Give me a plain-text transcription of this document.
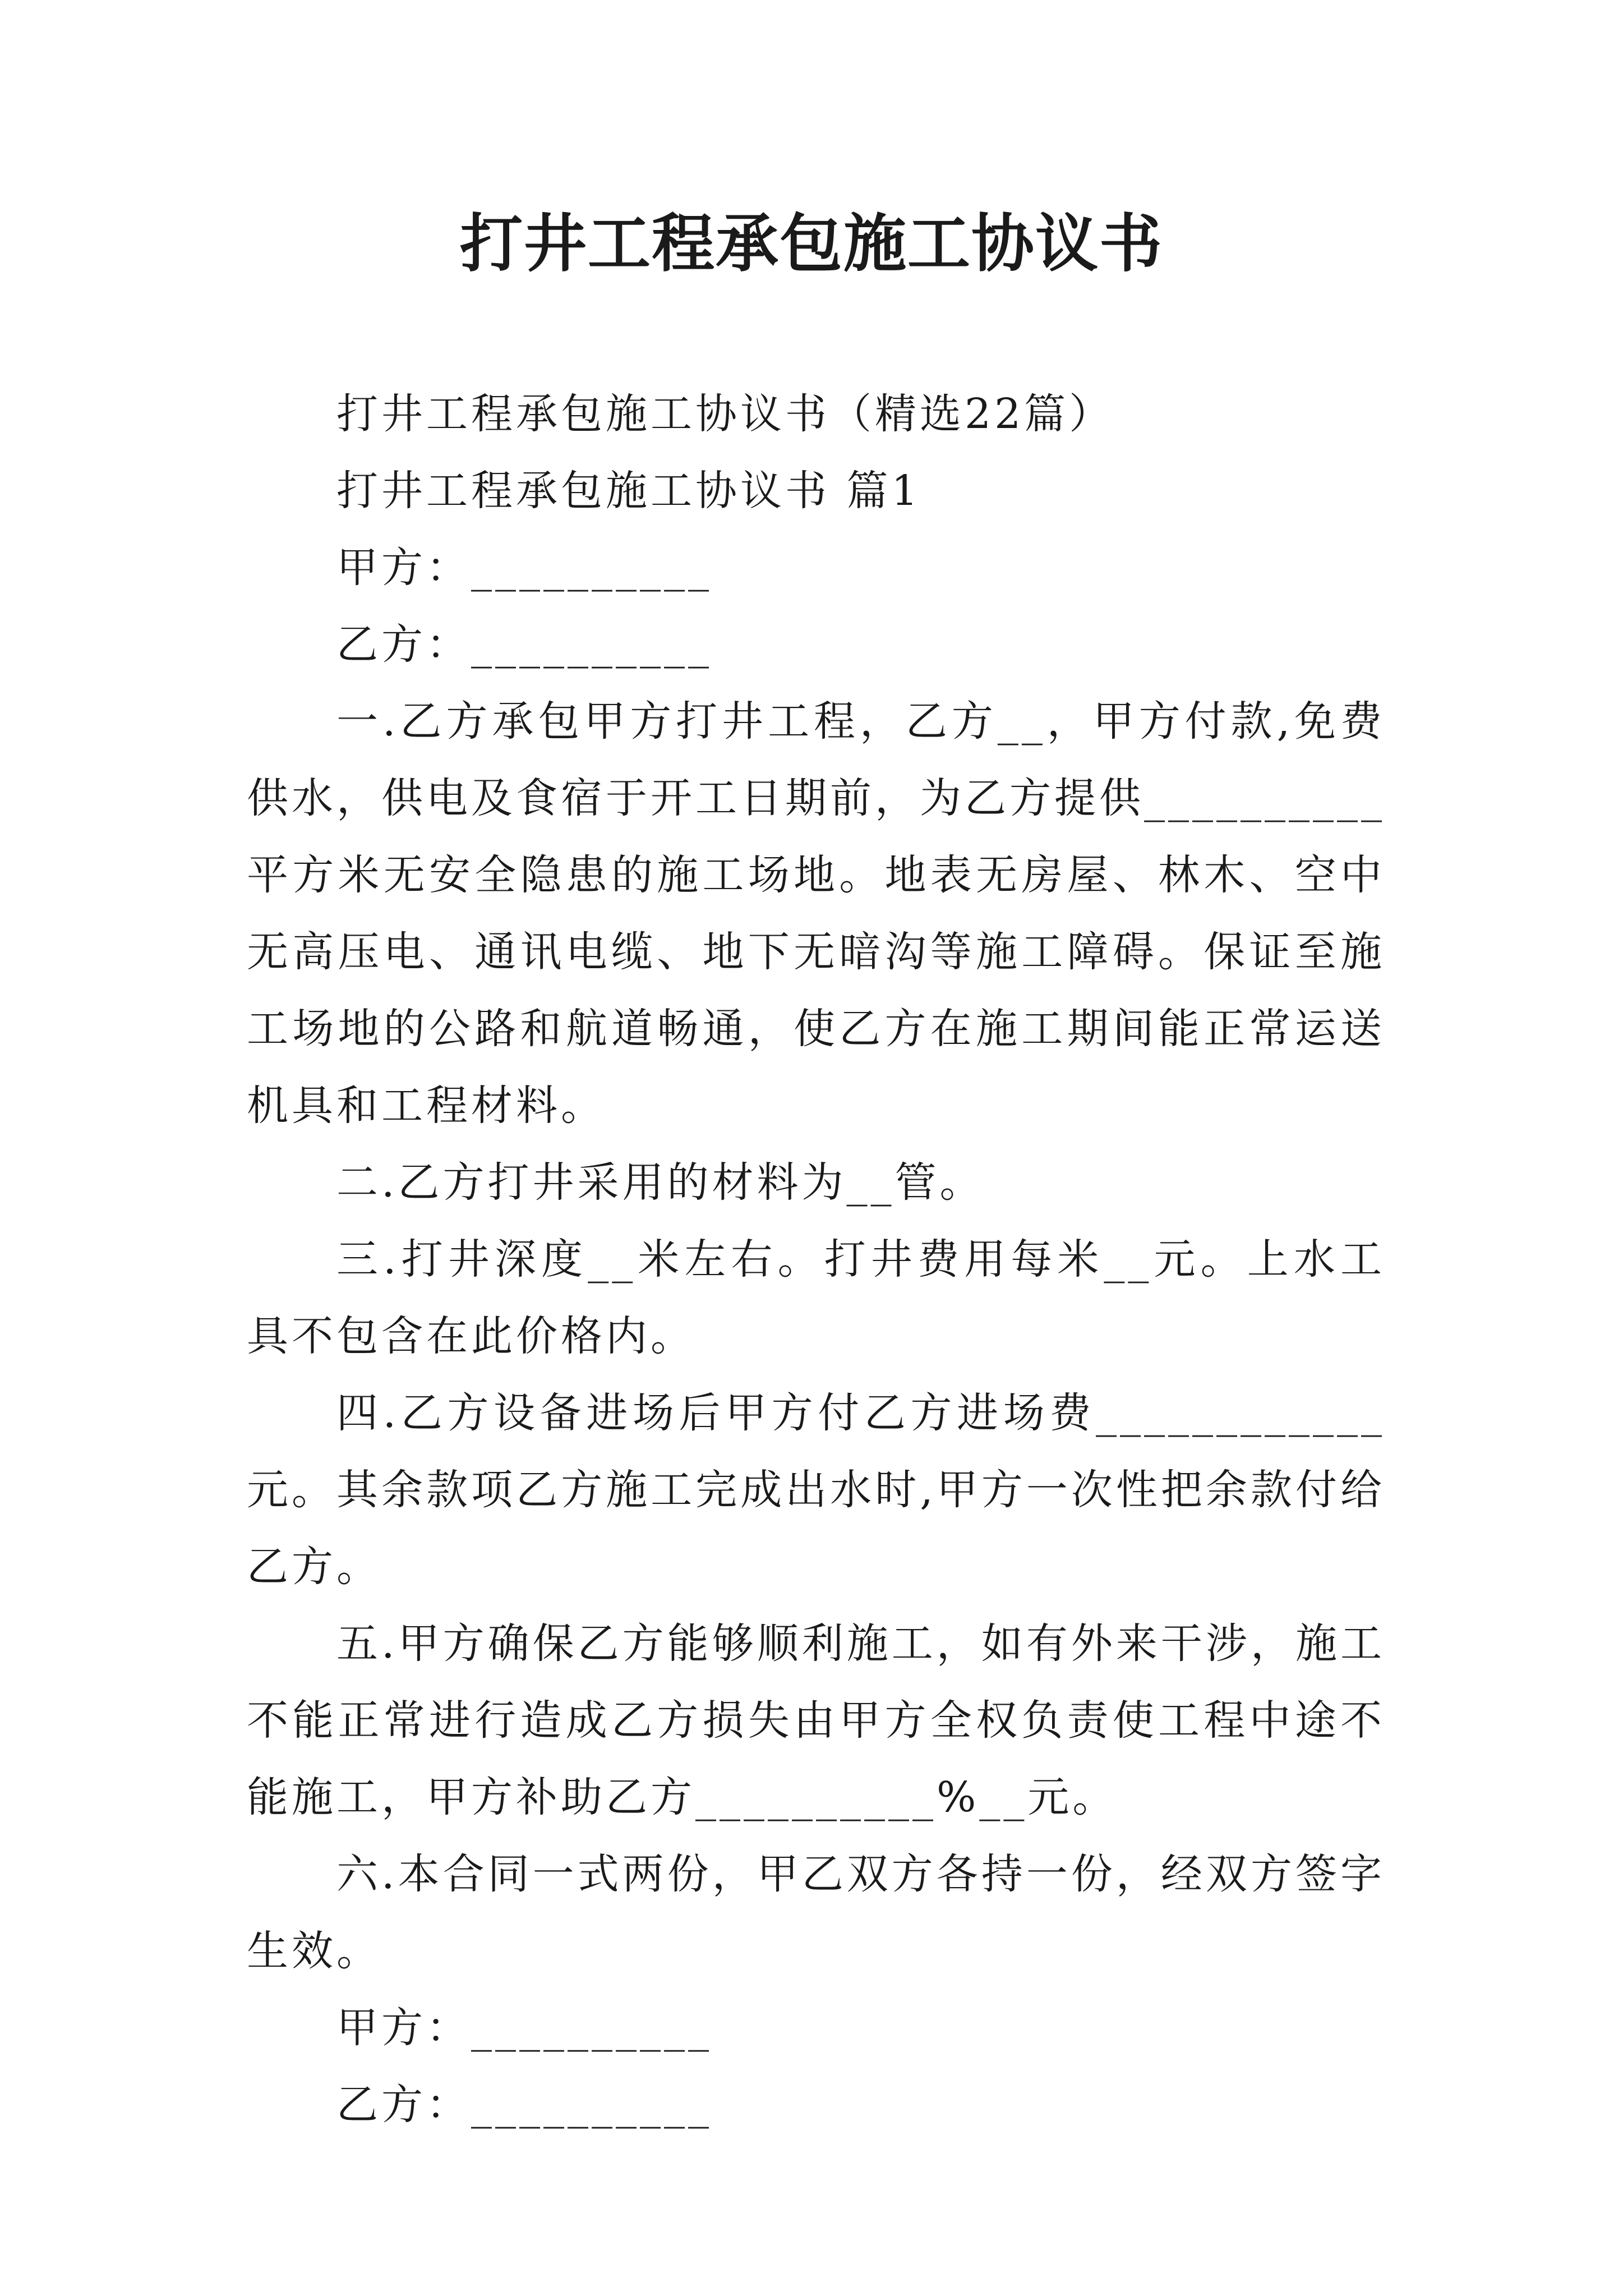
打井工程承包施工协议书

打井工程承包施工协议书（精选22篇）

打井工程承包施工协议书 篇1

甲方：__________

乙方：__________

一.乙方承包甲方打井工程，乙方__，甲方付款,免费供水，供电及食宿于开工日期前，为乙方提供__________平方米无安全隐患的施工场地。地表无房屋、林木、空中无高压电、通讯电缆、地下无暗沟等施工障碍。保证至施工场地的公路和航道畅通，使乙方在施工期间能正常运送机具和工程材料。

二.乙方打井采用的材料为__管。

三.打井深度__米左右。打井费用每米__元。上水工具不包含在此价格内。

四.乙方设备进场后甲方付乙方进场费____________元。其余款项乙方施工完成出水时,甲方一次性把余款付给乙方。

五.甲方确保乙方能够顺利施工，如有外来干涉，施工不能正常进行造成乙方损失由甲方全权负责使工程中途不能施工，甲方补助乙方__________%__元。

六.本合同一式两份，甲乙双方各持一份，经双方签字生效。

甲方：__________

乙方：__________
